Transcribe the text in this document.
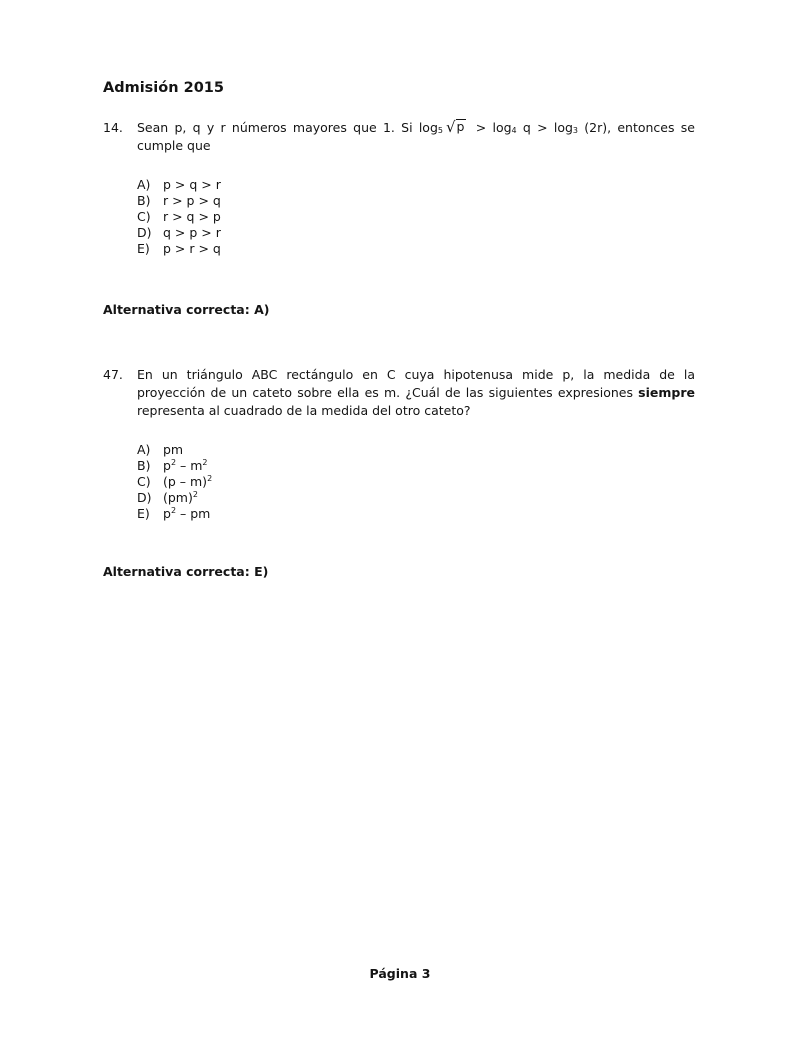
Admisión 2015
14.	Sean p, q y r números mayores que 1. Si $\log_5$ √ $p > \log_4 q > \log_3 (2r)$, entonces se cumple que
A)	p > q > r
B)	r > p > q
C) r > q > p
D) q > p > r
E)	p > r > q
Alternativa correcta: A)
47.	En un triángulo ABC rectángulo en C cuya hipotenusa mide p, la medida de la proyección de un cateto sobre ella es m. ¿Cuál de las siguientes expresiones siempre representa al cuadrado de la medida del otro cateto?
A)	pm
B)	$p^2 - m^2$
C) (p – m)$^2$
D) (pm)$^2$
E)	$p^2$ – pm
Alternativa correcta: E)
Página 3
